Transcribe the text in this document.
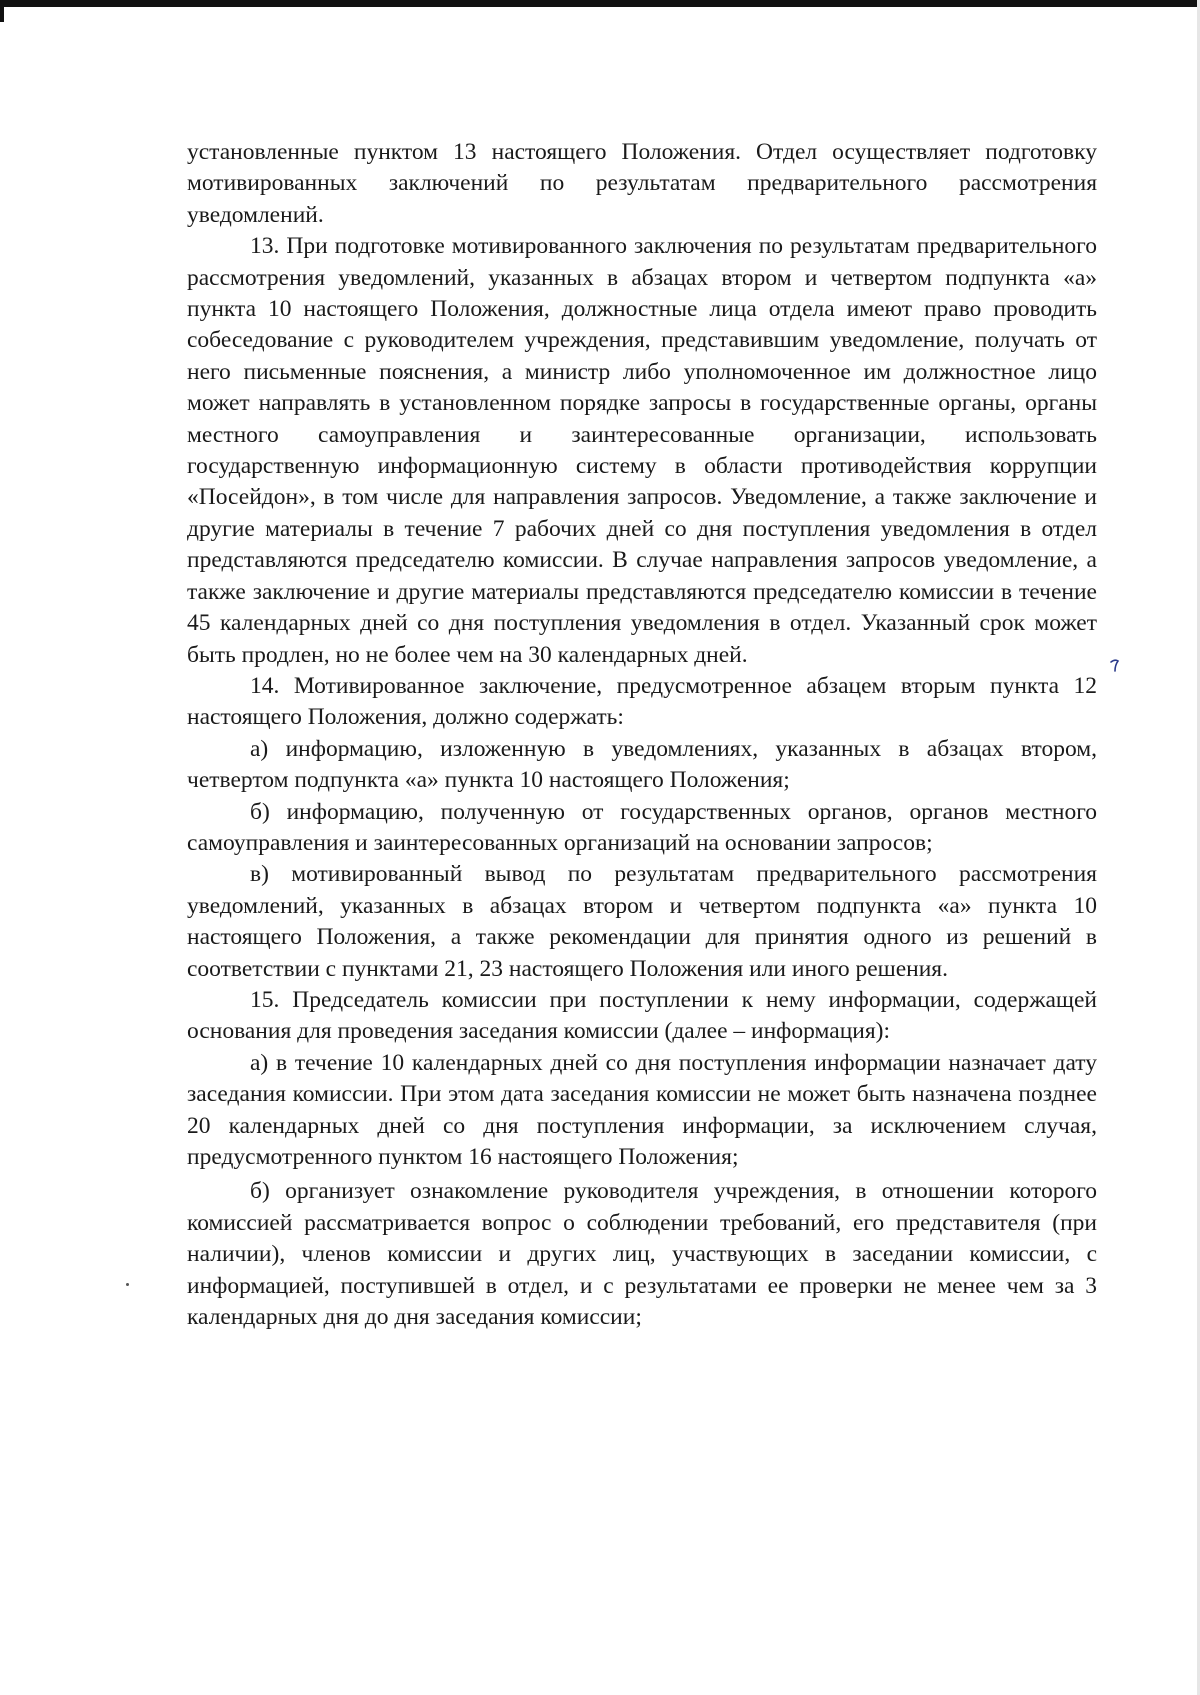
установленные пунктом 13 настоящего Положения. Отдел осуществляет подготовку мотивированных заключений по результатам предварительного рассмотрения уведомлений.

13. При подготовке мотивированного заключения по результатам предварительного рассмотрения уведомлений, указанных в абзацах втором и четвертом подпункта «а» пункта 10 настоящего Положения, должностные лица отдела имеют право проводить собеседование с руководителем учреждения, представившим уведомление, получать от него письменные пояснения, а министр либо уполномоченное им должностное лицо может направлять в установленном порядке запросы в государственные органы, органы местного самоуправления и заинтересованные организации, использовать государственную информационную систему в области противодействия коррупции «Посейдон», в том числе для направления запросов. Уведомление, а также заключение и другие материалы в течение 7 рабочих дней со дня поступления уведомления в отдел представляются председателю комиссии. В случае направления запросов уведомление, а также заключение и другие материалы представляются председателю комиссии в течение 45 календарных дней со дня поступления уведомления в отдел. Указанный срок может быть продлен, но не более чем на 30 календарных дней.

14. Мотивированное заключение, предусмотренное абзацем вторым пункта 12 настоящего Положения, должно содержать:

а) информацию, изложенную в уведомлениях, указанных в абзацах втором, четвертом подпункта «а» пункта 10 настоящего Положения;

б) информацию, полученную от государственных органов, органов местного самоуправления и заинтересованных организаций на основании запросов;

в) мотивированный вывод по результатам предварительного рассмотрения уведомлений, указанных в абзацах втором и четвертом подпункта «а» пункта 10 настоящего Положения, а также рекомендации для принятия одного из решений в соответствии с пунктами 21, 23 настоящего Положения или иного решения.

15. Председатель комиссии при поступлении к нему информации, содержащей основания для проведения заседания комиссии (далее – информация):

а) в течение 10 календарных дней со дня поступления информации назначает дату заседания комиссии. При этом дата заседания комиссии не может быть назначена позднее 20 календарных дней со дня поступления информации, за исключением случая, предусмотренного пунктом 16 настоящего Положения;

б) организует ознакомление руководителя учреждения, в отношении которого комиссией рассматривается вопрос о соблюдении требований, его представителя (при наличии), членов комиссии и других лиц, участвующих в заседании комиссии, с информацией, поступившей в отдел, и с результатами ее проверки не менее чем за 3 календарных дня до дня заседания комиссии;
